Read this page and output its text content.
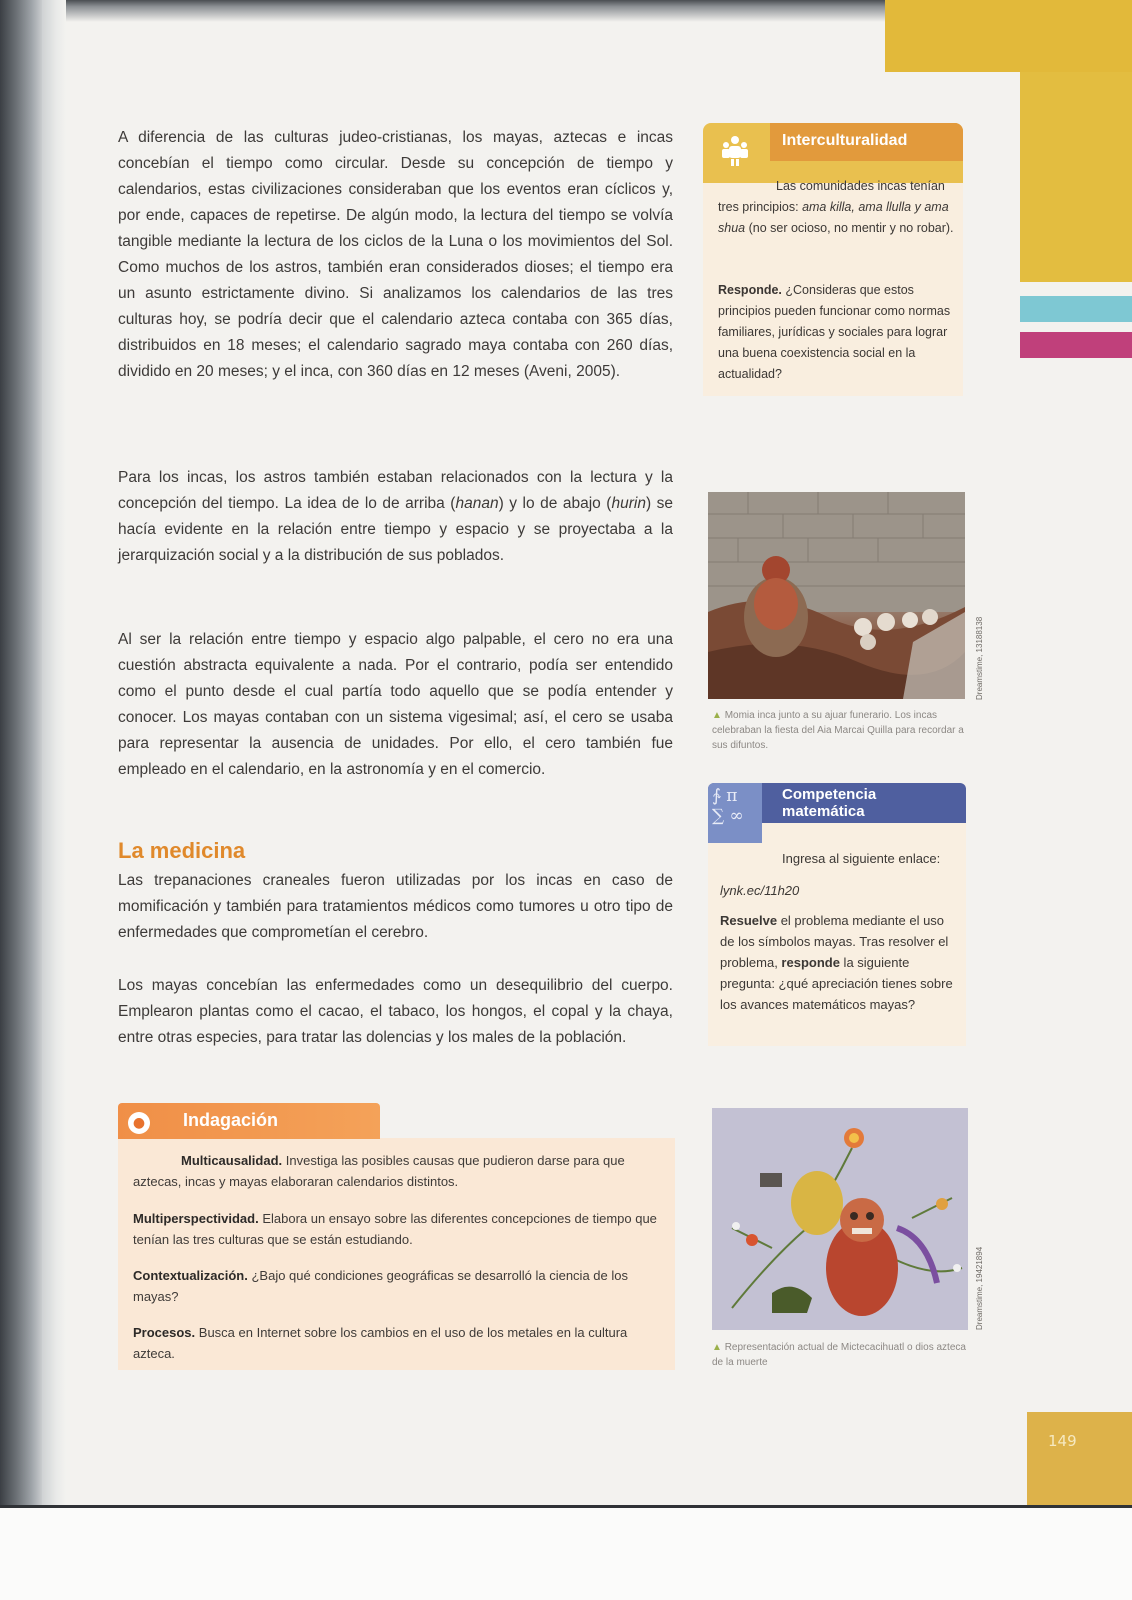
149

A diferencia de las culturas judeo-cristianas, los mayas, aztecas e incas concebían el tiempo como circular. Desde su concepción de tiempo y calendarios, estas civilizaciones consideraban que los eventos eran cíclicos y, por ende, capaces de repetirse. De algún modo, la lectura del tiempo se volvía tangible mediante la lectura de los ciclos de la Luna o los movimientos del Sol. Como muchos de los astros, también eran considerados dioses; el tiempo era un asunto estrictamente divino. Si analizamos los calendarios de las tres culturas hoy, se podría decir que el calendario azteca contaba con 365 días, distribuidos en 18 meses; el calendario sagrado maya contaba con 260 días, dividido en 20 meses; y el inca, con 360 días en 12 meses (Aveni, 2005).

Para los incas, los astros también estaban relacionados con la lectura y la concepción del tiempo. La idea de lo de arriba (hanan) y lo de abajo (hurin) se hacía evidente en la relación entre tiempo y espacio y se proyectaba a la jerarquización social y a la distribución de sus poblados.

Al ser la relación entre tiempo y espacio algo palpable, el cero no era una cuestión abstracta equivalente a nada. Por el contrario, podía ser entendido como el punto desde el cual partía todo aquello que se podía entender y conocer. Los mayas contaban con un sistema vigesimal; así, el cero se usaba para representar la ausencia de unidades. Por ello, el cero también fue empleado en el calendario, en la astronomía y en el comercio.

La medicina

Las trepanaciones craneales fueron utilizadas por los incas en caso de momificación y también para tratamientos médicos como tumores u otro tipo de enfermedades que comprometían el cerebro.

Los mayas concebían las enfermedades como un desequilibrio del cuerpo. Emplearon plantas como el cacao, el tabaco, los hongos, el copal y la chaya, entre otras especies, para tratar las dolencias y los males de la población.

● Indagación
Multicausalidad. Investiga las posibles causas que pudieron darse para que aztecas, incas y mayas elaboraran calendarios distintos.
Multiperspectividad. Elabora un ensayo sobre las diferentes concepciones de tiempo que tenían las tres culturas que se están estudiando.
Contextualización. ¿Bajo qué condiciones geográficas se desarrolló la ciencia de los mayas?
Procesos. Busca en Internet sobre los cambios en el uso de los metales en la cultura azteca.
Interculturalidad
Las comunidades incas tenían tres principios: ama killa, ama llulla y ama shua (no ser ocioso, no mentir y no robar).
Responde. ¿Consideras que estos principios pueden funcionar como normas familiares, jurídicas y sociales para lograr una buena coexistencia social en la actualidad?
Dreamstime, 13188138
▲ Momia inca junto a su ajuar funerario. Los incas celebraban la fiesta del Aia Marcai Quilla para recordar a sus difuntos.
∱ π
∑ ∞
Competencia
matemática
Ingresa al siguiente enlace:
lynk.ec/11h20
Resuelve el problema mediante el uso de los símbolos mayas. Tras resolver el problema, responde la siguiente pregunta: ¿qué apreciación tienes sobre los avances matemáticos mayas?
Dreamstime, 19421894
▲ Representación actual de Mictecacihuatl o dios azteca de la muerte
